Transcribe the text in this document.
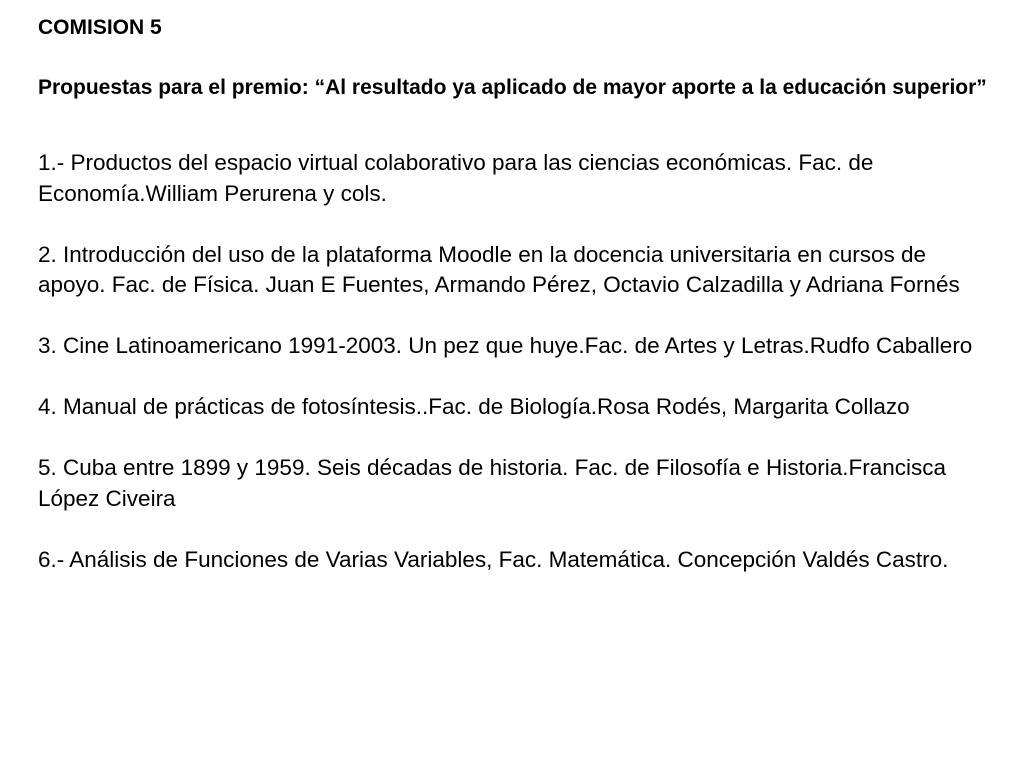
COMISION 5
Propuestas para el premio: “Al resultado ya aplicado de mayor aporte a la educación superior”
1.- Productos del espacio virtual colaborativo para las ciencias económicas. Fac. de Economía.William Perurena y cols.
2. Introducción del uso de la plataforma Moodle en la docencia universitaria en cursos de apoyo. Fac. de Física. Juan E Fuentes, Armando Pérez, Octavio Calzadilla y Adriana Fornés
3. Cine Latinoamericano 1991-2003. Un pez que huye.Fac. de Artes y Letras.Rudfo Caballero
4. Manual de prácticas de fotosíntesis..Fac. de Biología.Rosa Rodés, Margarita Collazo
5. Cuba entre 1899 y 1959. Seis décadas de historia. Fac. de Filosofía e Historia.Francisca López Civeira
6.- Análisis de Funciones de Varias Variables, Fac. Matemática. Concepción Valdés Castro.
